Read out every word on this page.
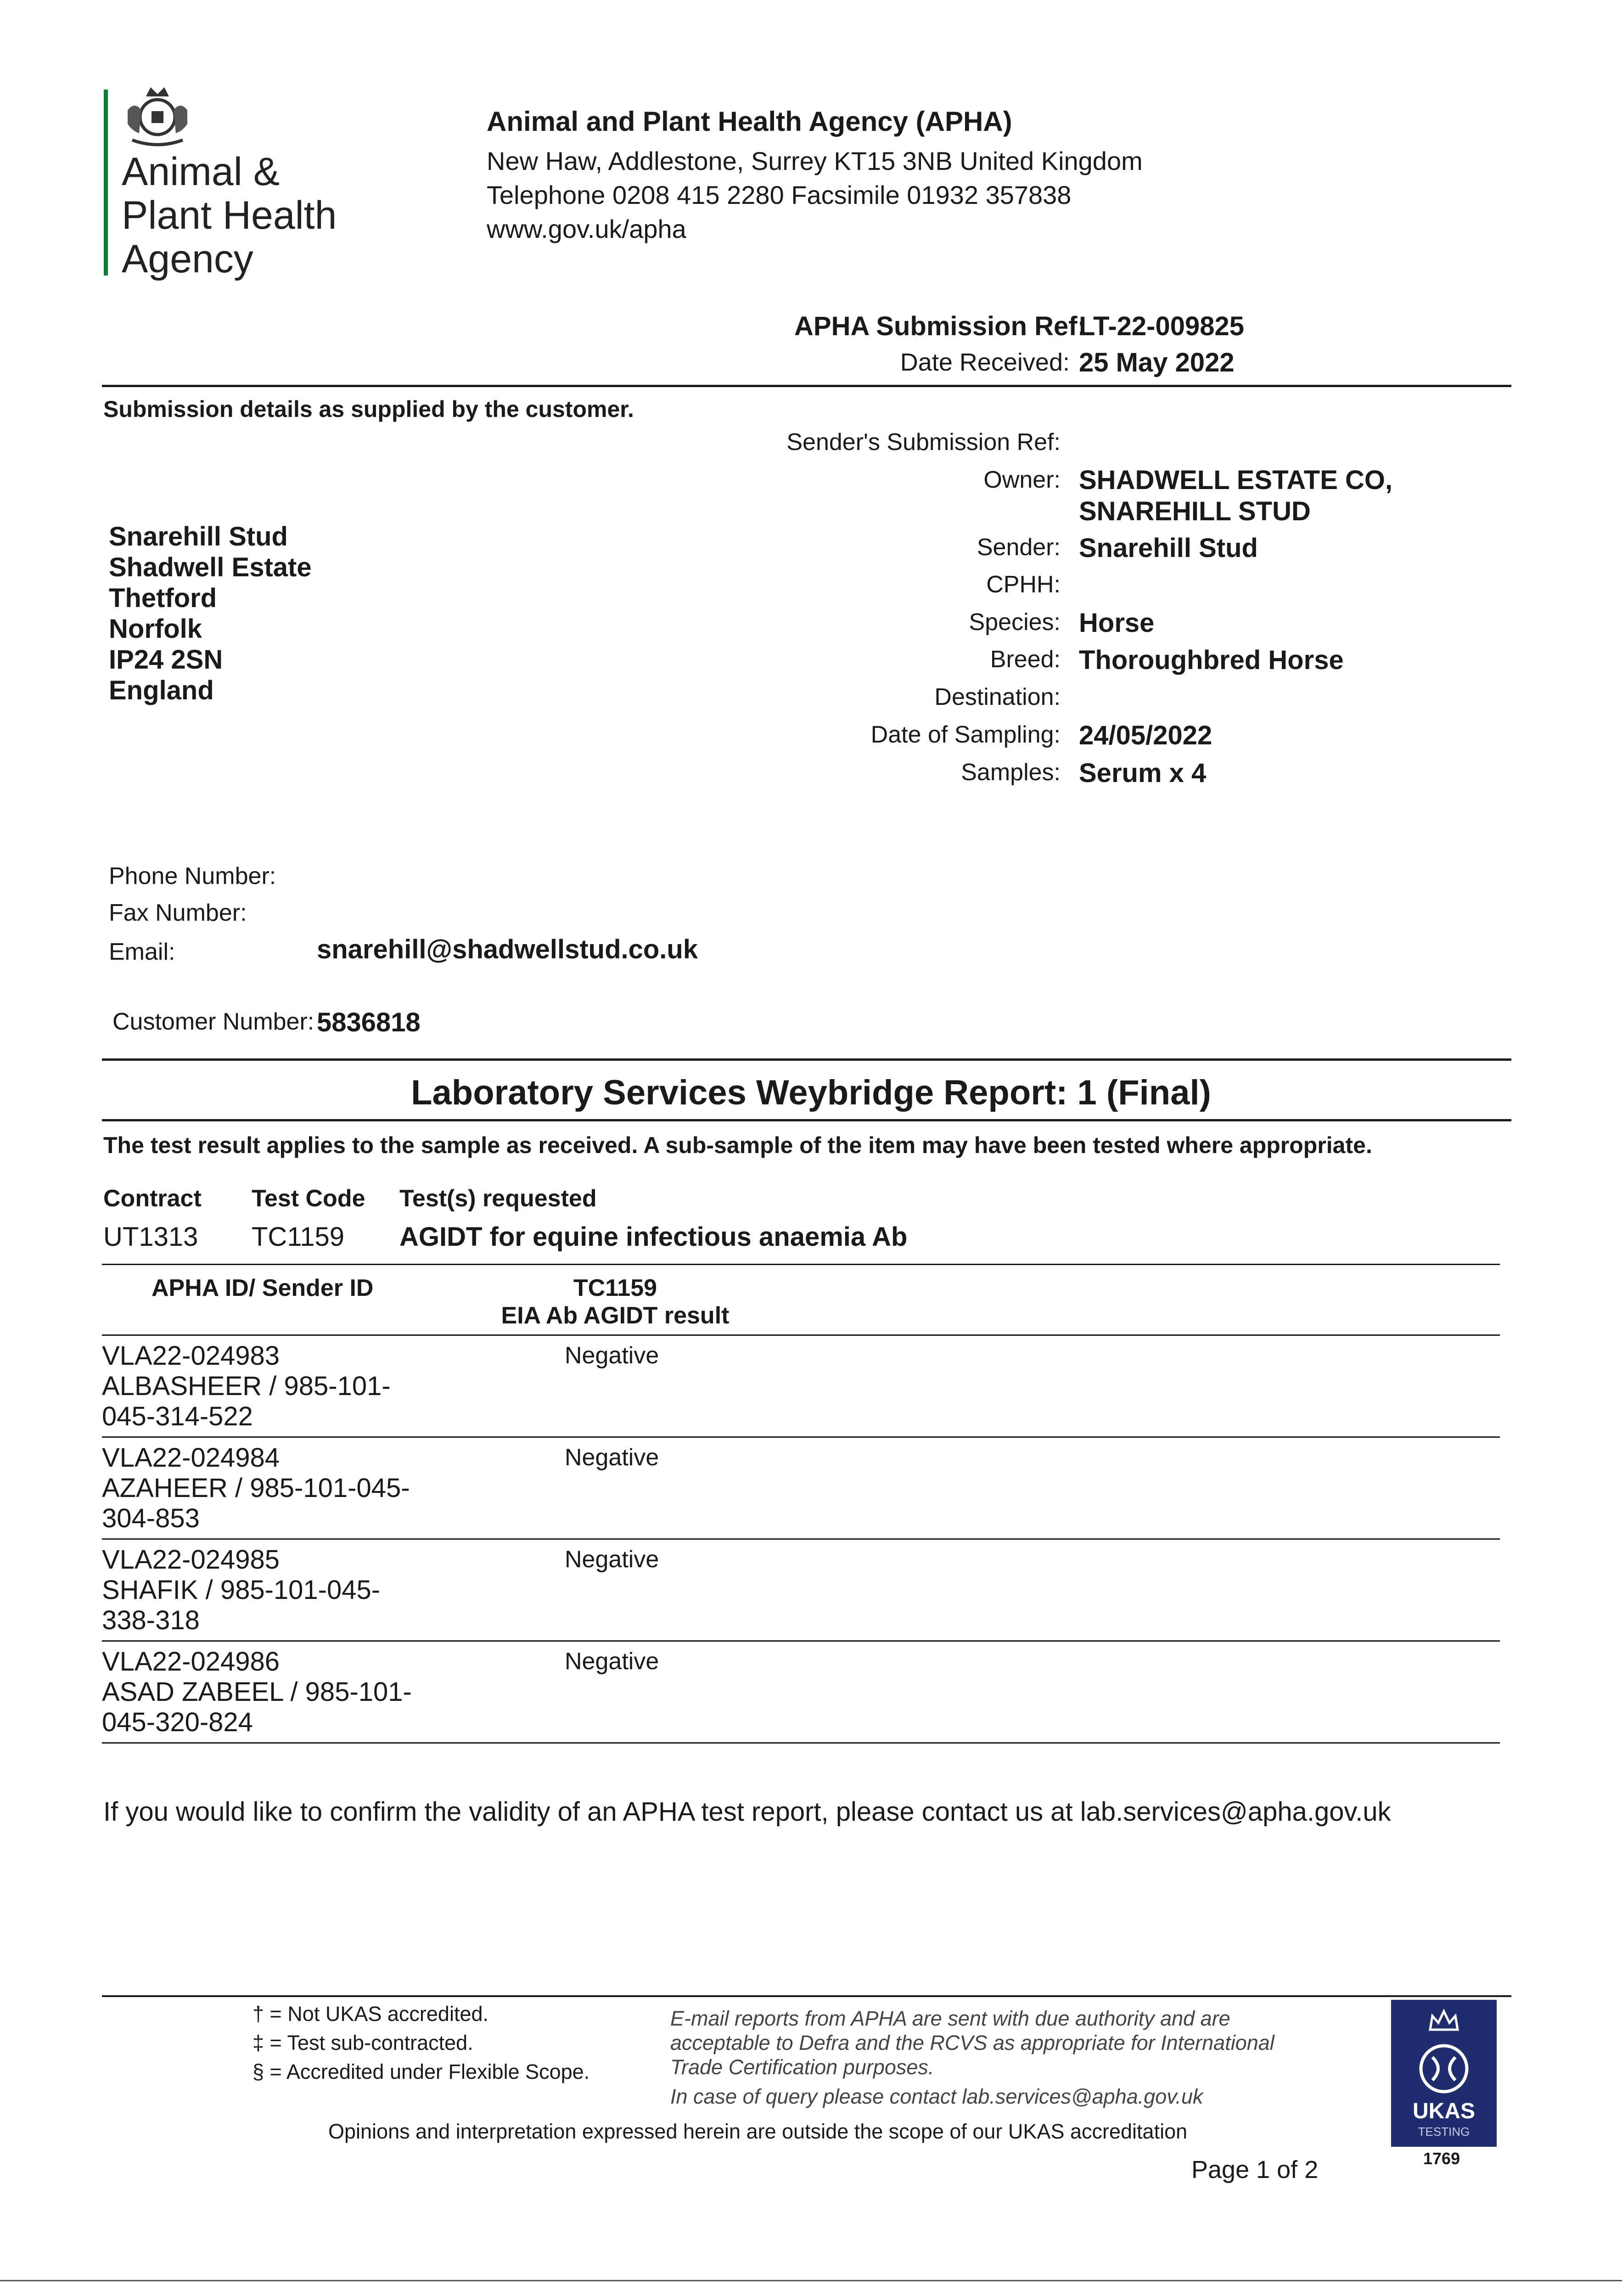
Animal &
Plant Health
Agency
Animal and Plant Health Agency (APHA)
New Haw, Addlestone, Surrey KT15 3NB United Kingdom
Telephone 0208 415 2280 Facsimile 01932 357838
www.gov.uk/apha
APHA Submission Ref:
LT-22-009825
Date Received: 25 May 2022
Submission details as supplied by the customer.
Sender's Submission Ref:
Owner: SHADWELL ESTATE CO,
SNAREHILL STUD
Sender: Snarehill Stud
CPHH:
Species: Horse
Breed: Thoroughbred Horse
Destination:
Date of Sampling: 24/05/2022
Samples: Serum x 4
Snarehill Stud
Shadwell Estate
Thetford
Norfolk
IP24 2SN
England
Phone Number:
Fax Number:
Email:	snarehill@shadwellstud.co.uk
Customer Number: 5836818
Laboratory Services Weybridge Report: 1 (Final)
The test result applies to the sample as received. A sub-sample of the item may have been tested where appropriate.
Contract Test Code Test(s) requested
UT1313 TC1159 AGIDT for equine infectious anaemia Ab
APHA ID/ Sender ID	TC1159
EIA Ab AGIDT result
VLA22-024983
ALBASHEER / 985-101-
045-314-522
Negative
VLA22-024984
AZAHEER / 985-101-045-
304-853
Negative
VLA22-024985
SHAFIK / 985-101-045-
338-318
Negative
VLA22-024986
ASAD ZABEEL / 985-101-
045-320-824
Negative
If you would like to confirm the validity of an APHA test report, please contact us at lab.services@apha.gov.uk
† = Not UKAS accredited.
‡ = Test sub-contracted.
§ = Accredited under Flexible Scope.
E-mail reports from APHA are sent with due authority and are
acceptable to Defra and the RCVS as appropriate for International
Trade Certification purposes.
In case of query please contact lab.services@apha.gov.uk
Opinions and interpretation expressed herein are outside the scope of our UKAS accreditation
Page 1 of 2
UKAS
TESTING
1769
